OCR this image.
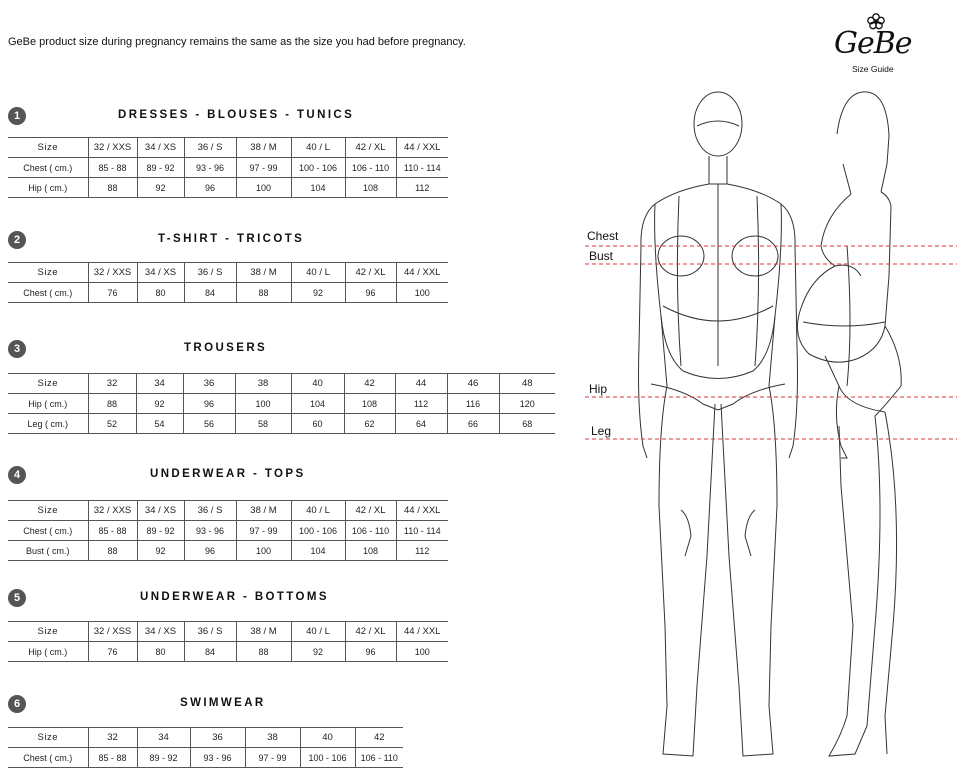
GeBe product size during pregnancy remains the same as the size you had before pregnancy.	GeBe
Size Guide
1	DRESSES - BLOUSES - TUNICS
Size	32 / XXS	34 / XS	36 / S	38 / M	40 / L	42 / XL	44 / XXL
Chest ( cm.)	85 - 88	89 - 92	93 - 96	97 - 99	100 - 106	106 - 110	110 - 114
Hip ( cm.)	88	92	96	100	104	108	112
2	T-SHIRT - TRICOTS
Size	32 / XXS	34 / XS	36 / S	38 / M	40 / L	42 / XL	44 / XXL
Chest ( cm.)	76	80	84	88	92	96	100
3	TROUSERS
Size	32	34	36	38	40	42	44	46	48
Hip ( cm.)	88	92	96	100	104	108	112	116	120
Leg ( cm.)	52	54	56	58	60	62	64	66	68
4	UNDERWEAR - TOPS
Size	32 / XXS	34 / XS	36 / S	38 / M	40 / L	42 / XL	44 / XXL
Chest ( cm.)	85 - 88	89 - 92	93 - 96	97 - 99	100 - 106	106 - 110	110 - 114
Bust ( cm.)	88	92	96	100	104	108	112
5	UNDERWEAR - BOTTOMS
Size	32 / XSS	34 / XS	36 / S	38 / M	40 / L	42 / XL	44 / XXL
Hip ( cm.)	76	80	84	88	92	96	100
6	SWIMWEAR
Size	32	34	36	38	40	42
Chest ( cm.)	85 - 88	89 - 92	93 - 96	97 - 99	100 - 106	106 - 110
Chest
Bust
Hip
Leg
